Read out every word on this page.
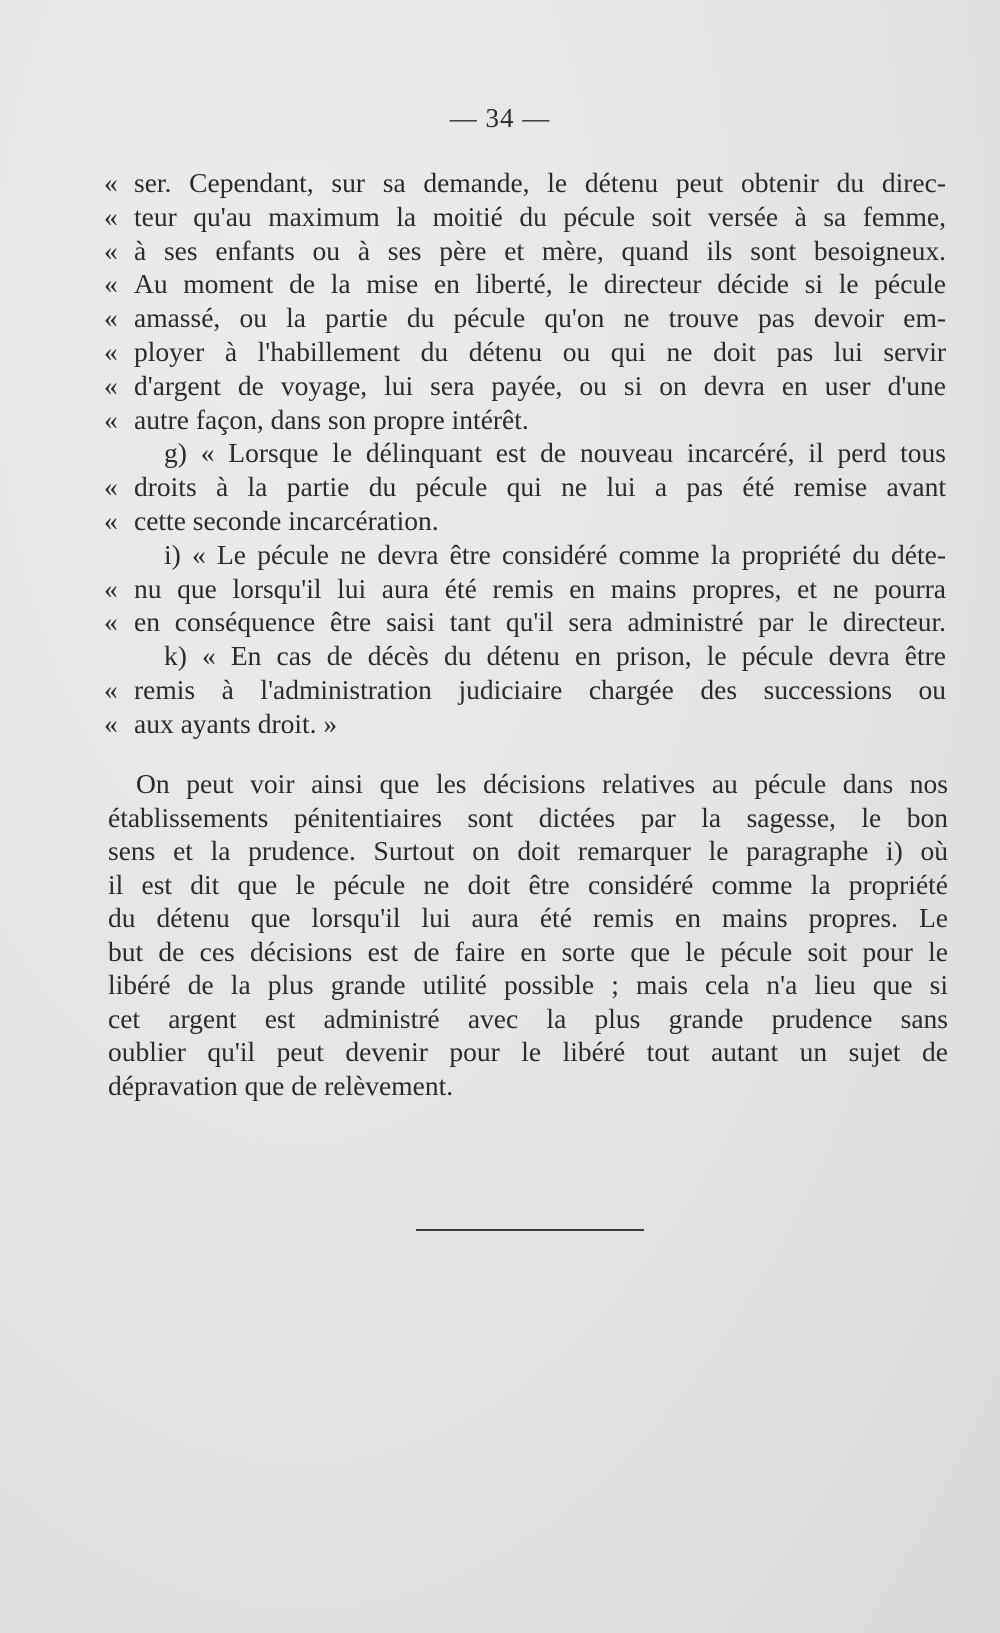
— 34 —
« ser. Cependant, sur sa demande, le détenu peut obtenir du direc-
« teur qu'au maximum la moitié du pécule soit versée à sa femme,
« à ses enfants ou à ses père et mère, quand ils sont besoigneux.
« Au moment de la mise en liberté, le directeur décide si le pécule
« amassé, ou la partie du pécule qu'on ne trouve pas devoir em-
« ployer à l'habillement du détenu ou qui ne doit pas lui servir
« d'argent de voyage, lui sera payée, ou si on devra en user d'une
« autre façon, dans son propre intérêt.
g) « Lorsque le délinquant est de nouveau incarcéré, il perd tous
« droits à la partie du pécule qui ne lui a pas été remise avant
« cette seconde incarcération.
i) « Le pécule ne devra être considéré comme la propriété du déte-
« nu que lorsqu'il lui aura été remis en mains propres, et ne pourra
« en conséquence être saisi tant qu'il sera administré par le directeur.
k) « En cas de décès du détenu en prison, le pécule devra être
« remis à l'administration judiciaire chargée des successions ou
« aux ayants droit. »
On peut voir ainsi que les décisions relatives au pécule dans nos
établissements pénitentiaires sont dictées par la sagesse, le bon
sens et la prudence. Surtout on doit remarquer le paragraphe i) où
il est dit que le pécule ne doit être considéré comme la propriété
du détenu que lorsqu'il lui aura été remis en mains propres. Le
but de ces décisions est de faire en sorte que le pécule soit pour le
libéré de la plus grande utilité possible ; mais cela n'a lieu que si
cet argent est administré avec la plus grande prudence sans
oublier qu'il peut devenir pour le libéré tout autant un sujet de
dépravation que de relèvement.
